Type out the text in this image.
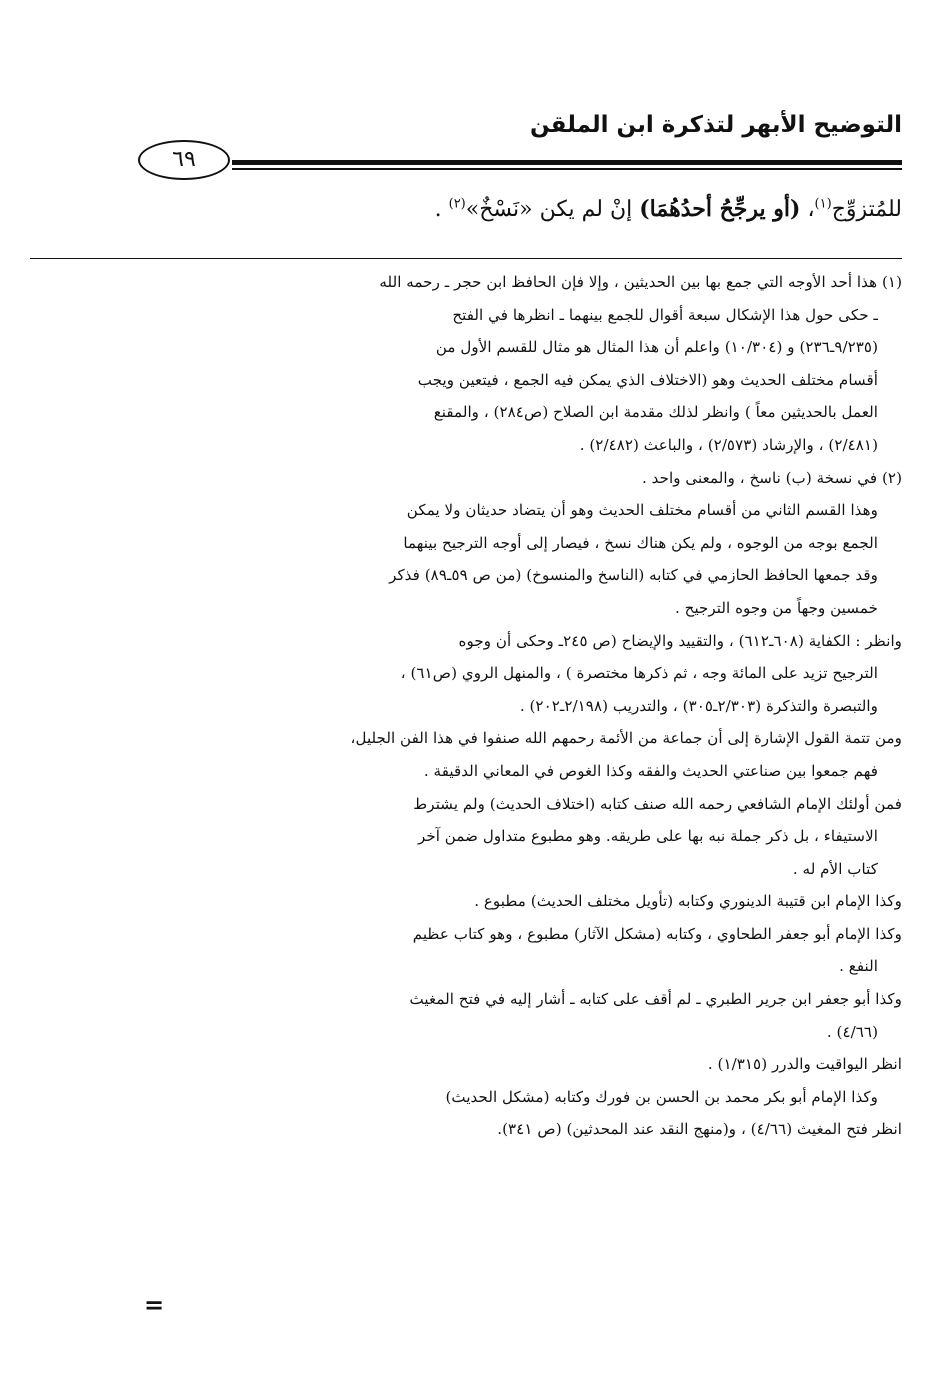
التوضيح الأبهر لتذكرة ابن الملقن
٦٩
للمُتزوِّج$^{(١)}$، (أو يرجِّحُ أحدُهُمَا) إنْ لم يكن «نَسْخٌ»$^{(٢)}$ .
(١) هذا أحد الأوجه التي جمع بها بين الحديثين ، وإلا فإن الحافظ ابن حجر ـ رحمه الله
ـ حكى حول هذا الإشكال سبعة أقوال للجمع بينهما ـ انظرها في الفتح
(٩/٢٣٥ـ٢٣٦) و (١٠/٣٠٤) واعلم أن هذا المثال هو مثال للقسم الأول من
أقسام مختلف الحديث وهو (الاختلاف الذي يمكن فيه الجمع ، فيتعين ويجب
العمل بالحديثين معاً ) وانظر لذلك مقدمة ابن الصلاح (ص٢٨٤) ، والمقنع
(٢/٤٨١) ، والإرشاد (٢/٥٧٣) ، والباعث (٢/٤٨٢) .
(٢) في نسخة (ب) ناسخ ، والمعنى واحد .
وهذا القسم الثاني من أقسام مختلف الحديث وهو أن يتضاد حديثان ولا يمكن
الجمع بوجه من الوجوه ، ولم يكن هناك نسخ ، فيصار إلى أوجه الترجيح بينهما
وقد جمعها الحافظ الحازمي في كتابه (الناسخ والمنسوخ) (من ص ٥٩ـ٨٩) فذكر
خمسين وجهاً من وجوه الترجيح .
وانظر : الكفاية (٦٠٨ـ٦١٢) ، والتقييد والإيضاح (ص ٢٤٥ـ وحكى أن وجوه
الترجيح تزيد على المائة وجه ، ثم ذكرها مختصرة ) ، والمنهل الروي (ص٦١) ،
والتبصرة والتذكرة (٢/٣٠٣ـ٣٠٥) ، والتدريب (٢/١٩٨ـ٢٠٢) .
ومن تتمة القول الإشارة إلى أن جماعة من الأئمة رحمهم الله صنفوا في هذا الفن الجليل،
فهم جمعوا بين صناعتي الحديث والفقه وكذا الغوص في المعاني الدقيقة .
فمن أولئك الإمام الشافعي رحمه الله صنف كتابه (اختلاف الحديث) ولم يشترط
الاستيفاء ، بل ذكر جملة نبه بها على طريقه. وهو مطبوع متداول ضمن آخر
كتاب الأم له .
وكذا الإمام ابن قتيبة الدينوري وكتابه (تأويل مختلف الحديث) مطبوع .
وكذا الإمام أبو جعفر الطحاوي ، وكتابه (مشكل الآثار) مطبوع ، وهو كتاب عظيم
النفع .
وكذا أبو جعفر ابن جرير الطبري ـ لم أقف على كتابه ـ أشار إليه في فتح المغيث
(٤/٦٦) .
انظر اليواقيت والدرر (١/٣١٥) .
وكذا الإمام أبو بكر محمد بن الحسن بن فورك وكتابه (مشكل الحديث)
انظر فتح المغيث (٤/٦٦) ، و(منهج النقد عند المحدثين) (ص ٣٤١).
=
